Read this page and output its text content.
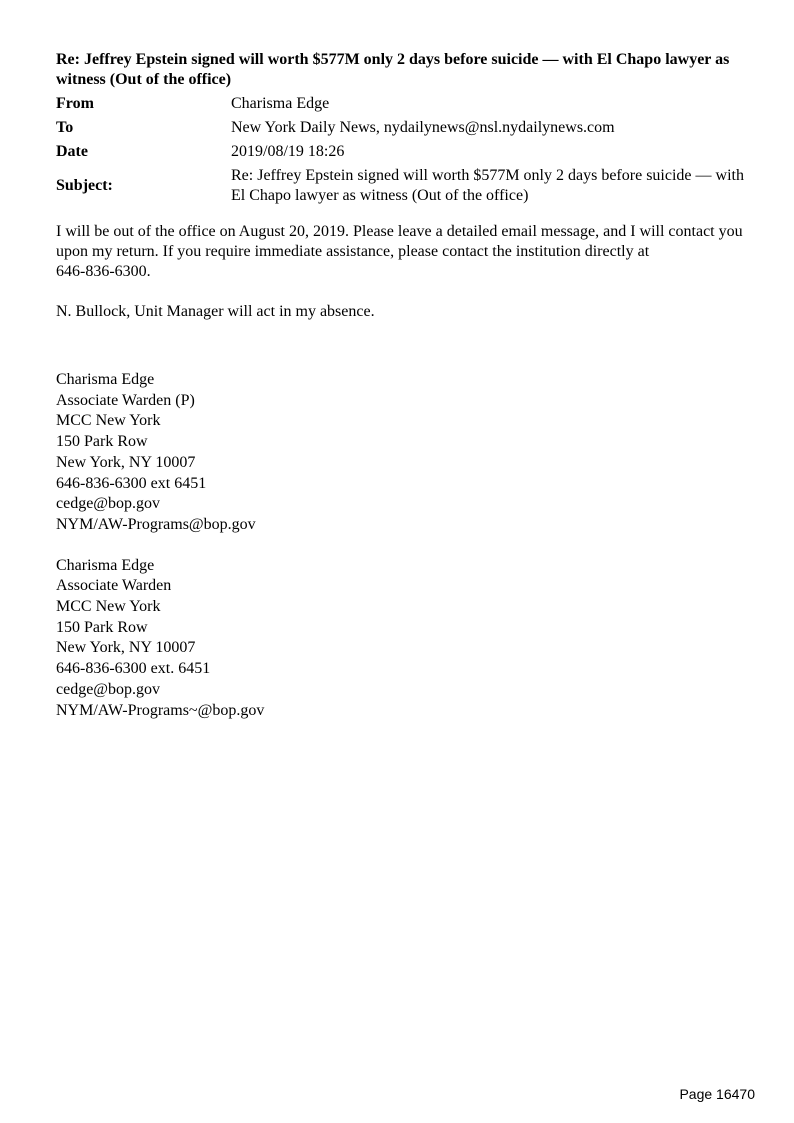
Re: Jeffrey Epstein signed will worth $577M only 2 days before suicide — with El Chapo lawyer as witness (Out of the office)

From	Charisma Edge
To	New York Daily News, nydailynews@nsl.nydailynews.com
Date	2019/08/19 18:26
Subject:
Re: Jeffrey Epstein signed will worth $577M only 2 days before suicide — with El Chapo lawyer as witness (Out of the office)

I will be out of the office on August 20, 2019. Please leave a detailed email message, and I will contact you upon my return. If you require immediate assistance, please contact the institution directly at
646-836-6300.

N. Bullock, Unit Manager will act in my absence.

Charisma Edge
Associate Warden (P)
MCC New York
150 Park Row
New York, NY 10007
646-836-6300 ext 6451
cedge@bop.gov
NYM/AW-Programs@bop.gov
Charisma Edge
Associate Warden
MCC New York
150 Park Row
New York, NY 10007
646-836-6300 ext. 6451
cedge@bop.gov
NYM/AW-Programs~@bop.gov
Page 16470
